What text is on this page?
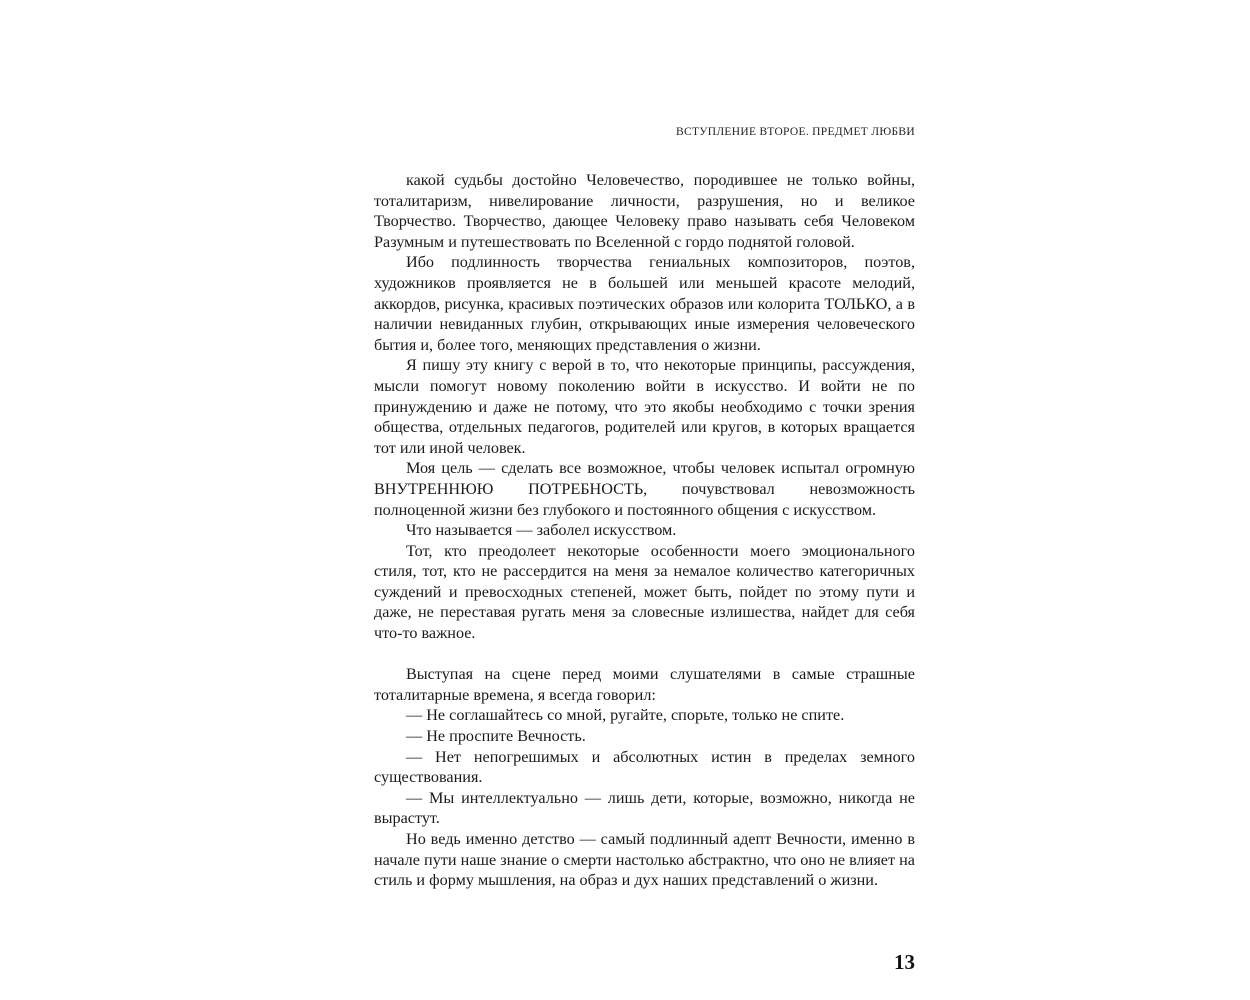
ВСТУПЛЕНИЕ ВТОРОЕ. ПРЕДМЕТ ЛЮБВИ

какой судьбы достойно Человечество, породившее не только войны, тоталитаризм, нивелирование личности, разрушения, но и великое Творчество. Творчество, дающее Человеку право называть себя Человеком Разумным и путешествовать по Вселенной с гордо поднятой головой.

Ибо подлинность творчества гениальных композиторов, поэтов, художников проявляется не в большей или меньшей красоте мелодий, аккордов, рисунка, красивых поэтических образов или колорита ТОЛЬКО, а в наличии невиданных глубин, открывающих иные измерения человеческого бытия и, более того, меняющих представления о жизни.

Я пишу эту книгу с верой в то, что некоторые принципы, рассуждения, мысли помогут новому поколению войти в искусство. И войти не по принуждению и даже не потому, что это якобы необходимо с точки зрения общества, отдельных педагогов, родителей или кругов, в которых вращается тот или иной человек.

Моя цель — сделать все возможное, чтобы человек испытал огромную ВНУТРЕННЮЮ ПОТРЕБНОСТЬ, почувствовал невозможность полноценной жизни без глубокого и постоянного общения с искусством.

Что называется — заболел искусством.

Тот, кто преодолеет некоторые особенности моего эмоционального стиля, тот, кто не рассердится на меня за немалое количество категоричных суждений и превосходных степеней, может быть, пойдет по этому пути и даже, не переставая ругать меня за словесные излишества, найдет для себя что-то важное.

Выступая на сцене перед моими слушателями в самые страшные тоталитарные времена, я всегда говорил:

— Не соглашайтесь со мной, ругайте, спорьте, только не спите.

— Не проспите Вечность.

— Нет непогрешимых и абсолютных истин в пределах земного существования.

— Мы интеллектуально — лишь дети, которые, возможно, никогда не вырастут.

Но ведь именно детство — самый подлинный адепт Вечности, именно в начале пути наше знание о смерти настолько абстрактно, что оно не влияет на стиль и форму мышления, на образ и дух наших представлений о жизни.

13
